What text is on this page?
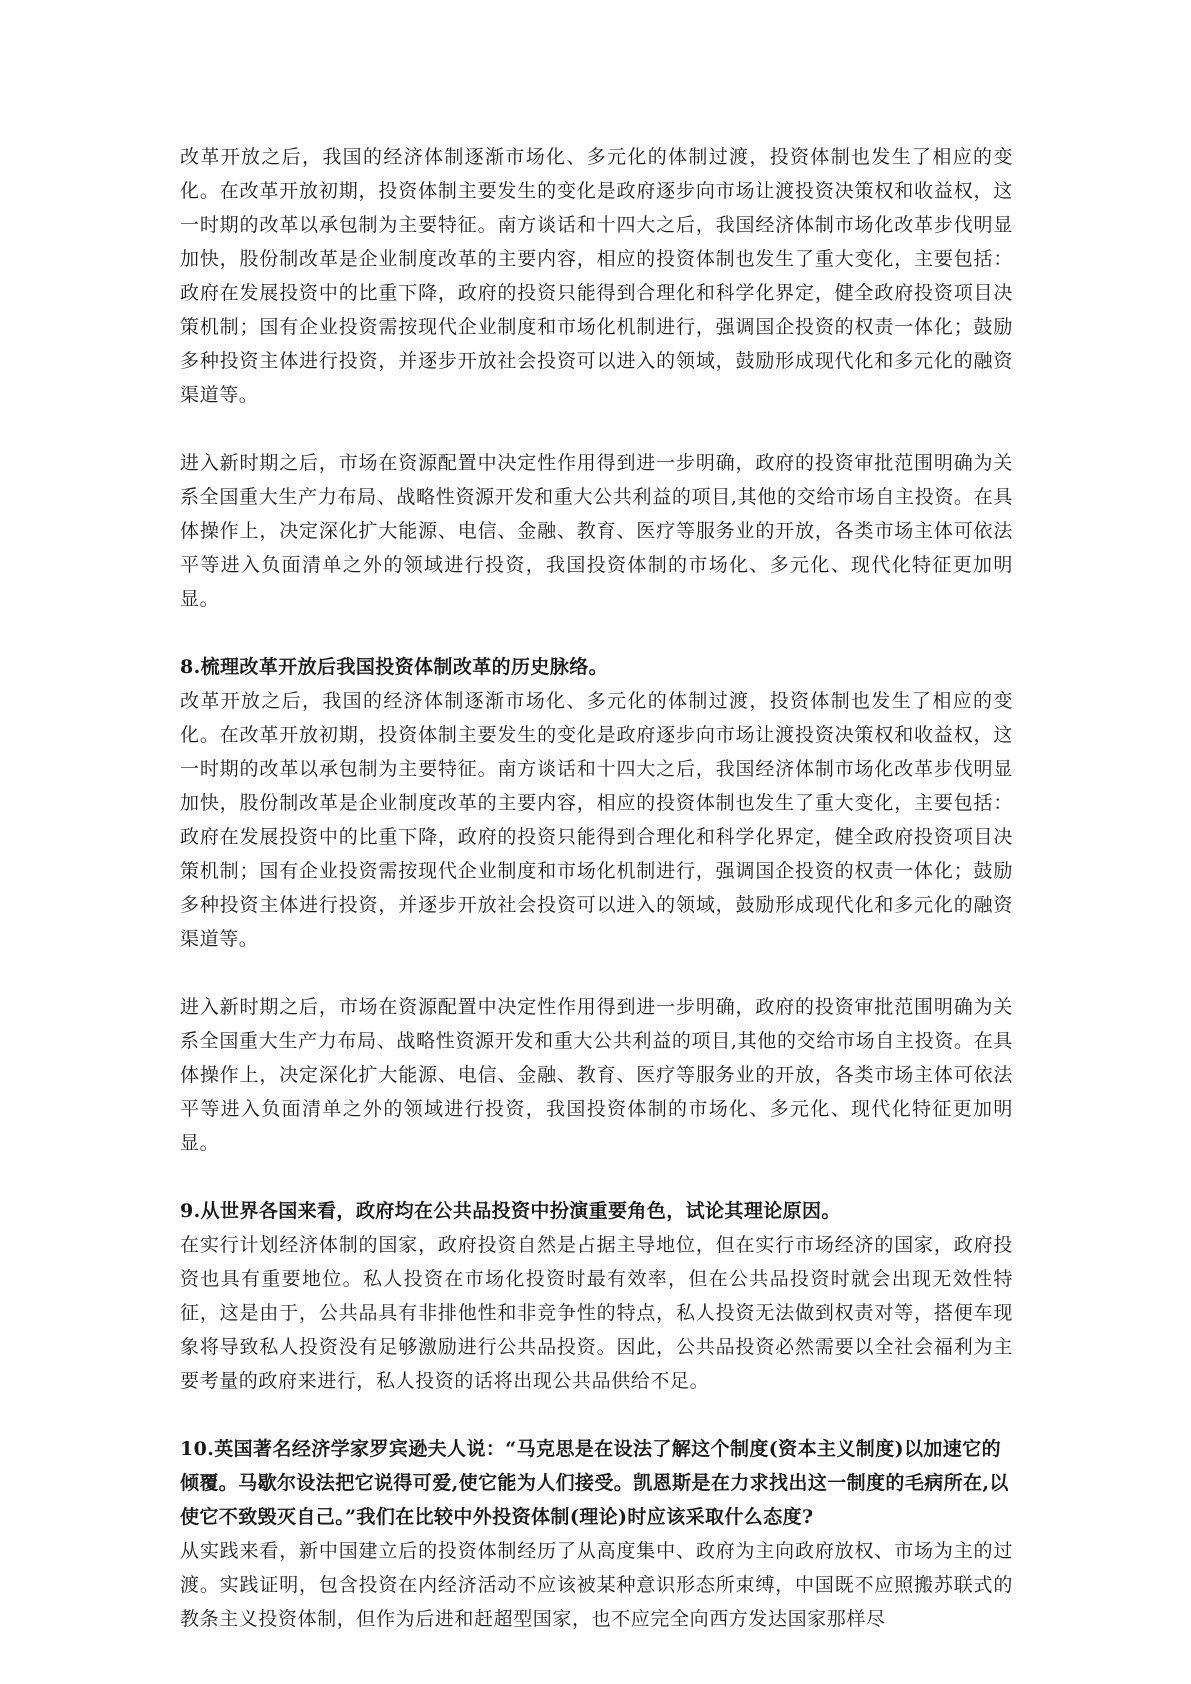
改革开放之后，我国的经济体制逐渐市场化、多元化的体制过渡，投资体制也发生了相应的变化。在改革开放初期，投资体制主要发生的变化是政府逐步向市场让渡投资决策权和收益权，这一时期的改革以承包制为主要特征。南方谈话和十四大之后，我国经济体制市场化改革步伐明显加快，股份制改革是企业制度改革的主要内容，相应的投资体制也发生了重大变化，主要包括：政府在发展投资中的比重下降，政府的投资只能得到合理化和科学化界定，健全政府投资项目决策机制；国有企业投资需按现代企业制度和市场化机制进行，强调国企投资的权责一体化；鼓励多种投资主体进行投资，并逐步开放社会投资可以进入的领域，鼓励形成现代化和多元化的融资渠道等。

进入新时期之后，市场在资源配置中决定性作用得到进一步明确，政府的投资审批范围明确为关系全国重大生产力布局、战略性资源开发和重大公共利益的项目,其他的交给市场自主投资。在具体操作上，决定深化扩大能源、电信、金融、教育、医疗等服务业的开放，各类市场主体可依法平等进入负面清单之外的领域进行投资，我国投资体制的市场化、多元化、现代化特征更加明显。

8.梳理改革开放后我国投资体制改革的历史脉络。

改革开放之后，我国的经济体制逐渐市场化、多元化的体制过渡，投资体制也发生了相应的变化。在改革开放初期，投资体制主要发生的变化是政府逐步向市场让渡投资决策权和收益权，这一时期的改革以承包制为主要特征。南方谈话和十四大之后，我国经济体制市场化改革步伐明显加快，股份制改革是企业制度改革的主要内容，相应的投资体制也发生了重大变化，主要包括：政府在发展投资中的比重下降，政府的投资只能得到合理化和科学化界定，健全政府投资项目决策机制；国有企业投资需按现代企业制度和市场化机制进行，强调国企投资的权责一体化；鼓励多种投资主体进行投资，并逐步开放社会投资可以进入的领域，鼓励形成现代化和多元化的融资渠道等。

进入新时期之后，市场在资源配置中决定性作用得到进一步明确，政府的投资审批范围明确为关系全国重大生产力布局、战略性资源开发和重大公共利益的项目,其他的交给市场自主投资。在具体操作上，决定深化扩大能源、电信、金融、教育、医疗等服务业的开放，各类市场主体可依法平等进入负面清单之外的领域进行投资，我国投资体制的市场化、多元化、现代化特征更加明显。

9.从世界各国来看，政府均在公共品投资中扮演重要角色，试论其理论原因。

在实行计划经济体制的国家，政府投资自然是占据主导地位，但在实行市场经济的国家，政府投资也具有重要地位。私人投资在市场化投资时最有效率，但在公共品投资时就会出现无效性特征，这是由于，公共品具有非排他性和非竞争性的特点，私人投资无法做到权责对等，搭便车现象将导致私人投资没有足够激励进行公共品投资。因此，公共品投资必然需要以全社会福利为主要考量的政府来进行，私人投资的话将出现公共品供给不足。

10.英国著名经济学家罗宾逊夫人说：“马克思是在设法了解这个制度(资本主义制度)以加速它的倾覆。马歇尔设法把它说得可爱,使它能为人们接受。凯恩斯是在力求找出这一制度的毛病所在,以使它不致毁灭自己。”我们在比较中外投资体制(理论)时应该采取什么态度?

从实践来看，新中国建立后的投资体制经历了从高度集中、政府为主向政府放权、市场为主的过渡。实践证明，包含投资在内经济活动不应该被某种意识形态所束缚，中国既不应照搬苏联式的教条主义投资体制，但作为后进和赶超型国家，也不应完全向西方发达国家那样尽
